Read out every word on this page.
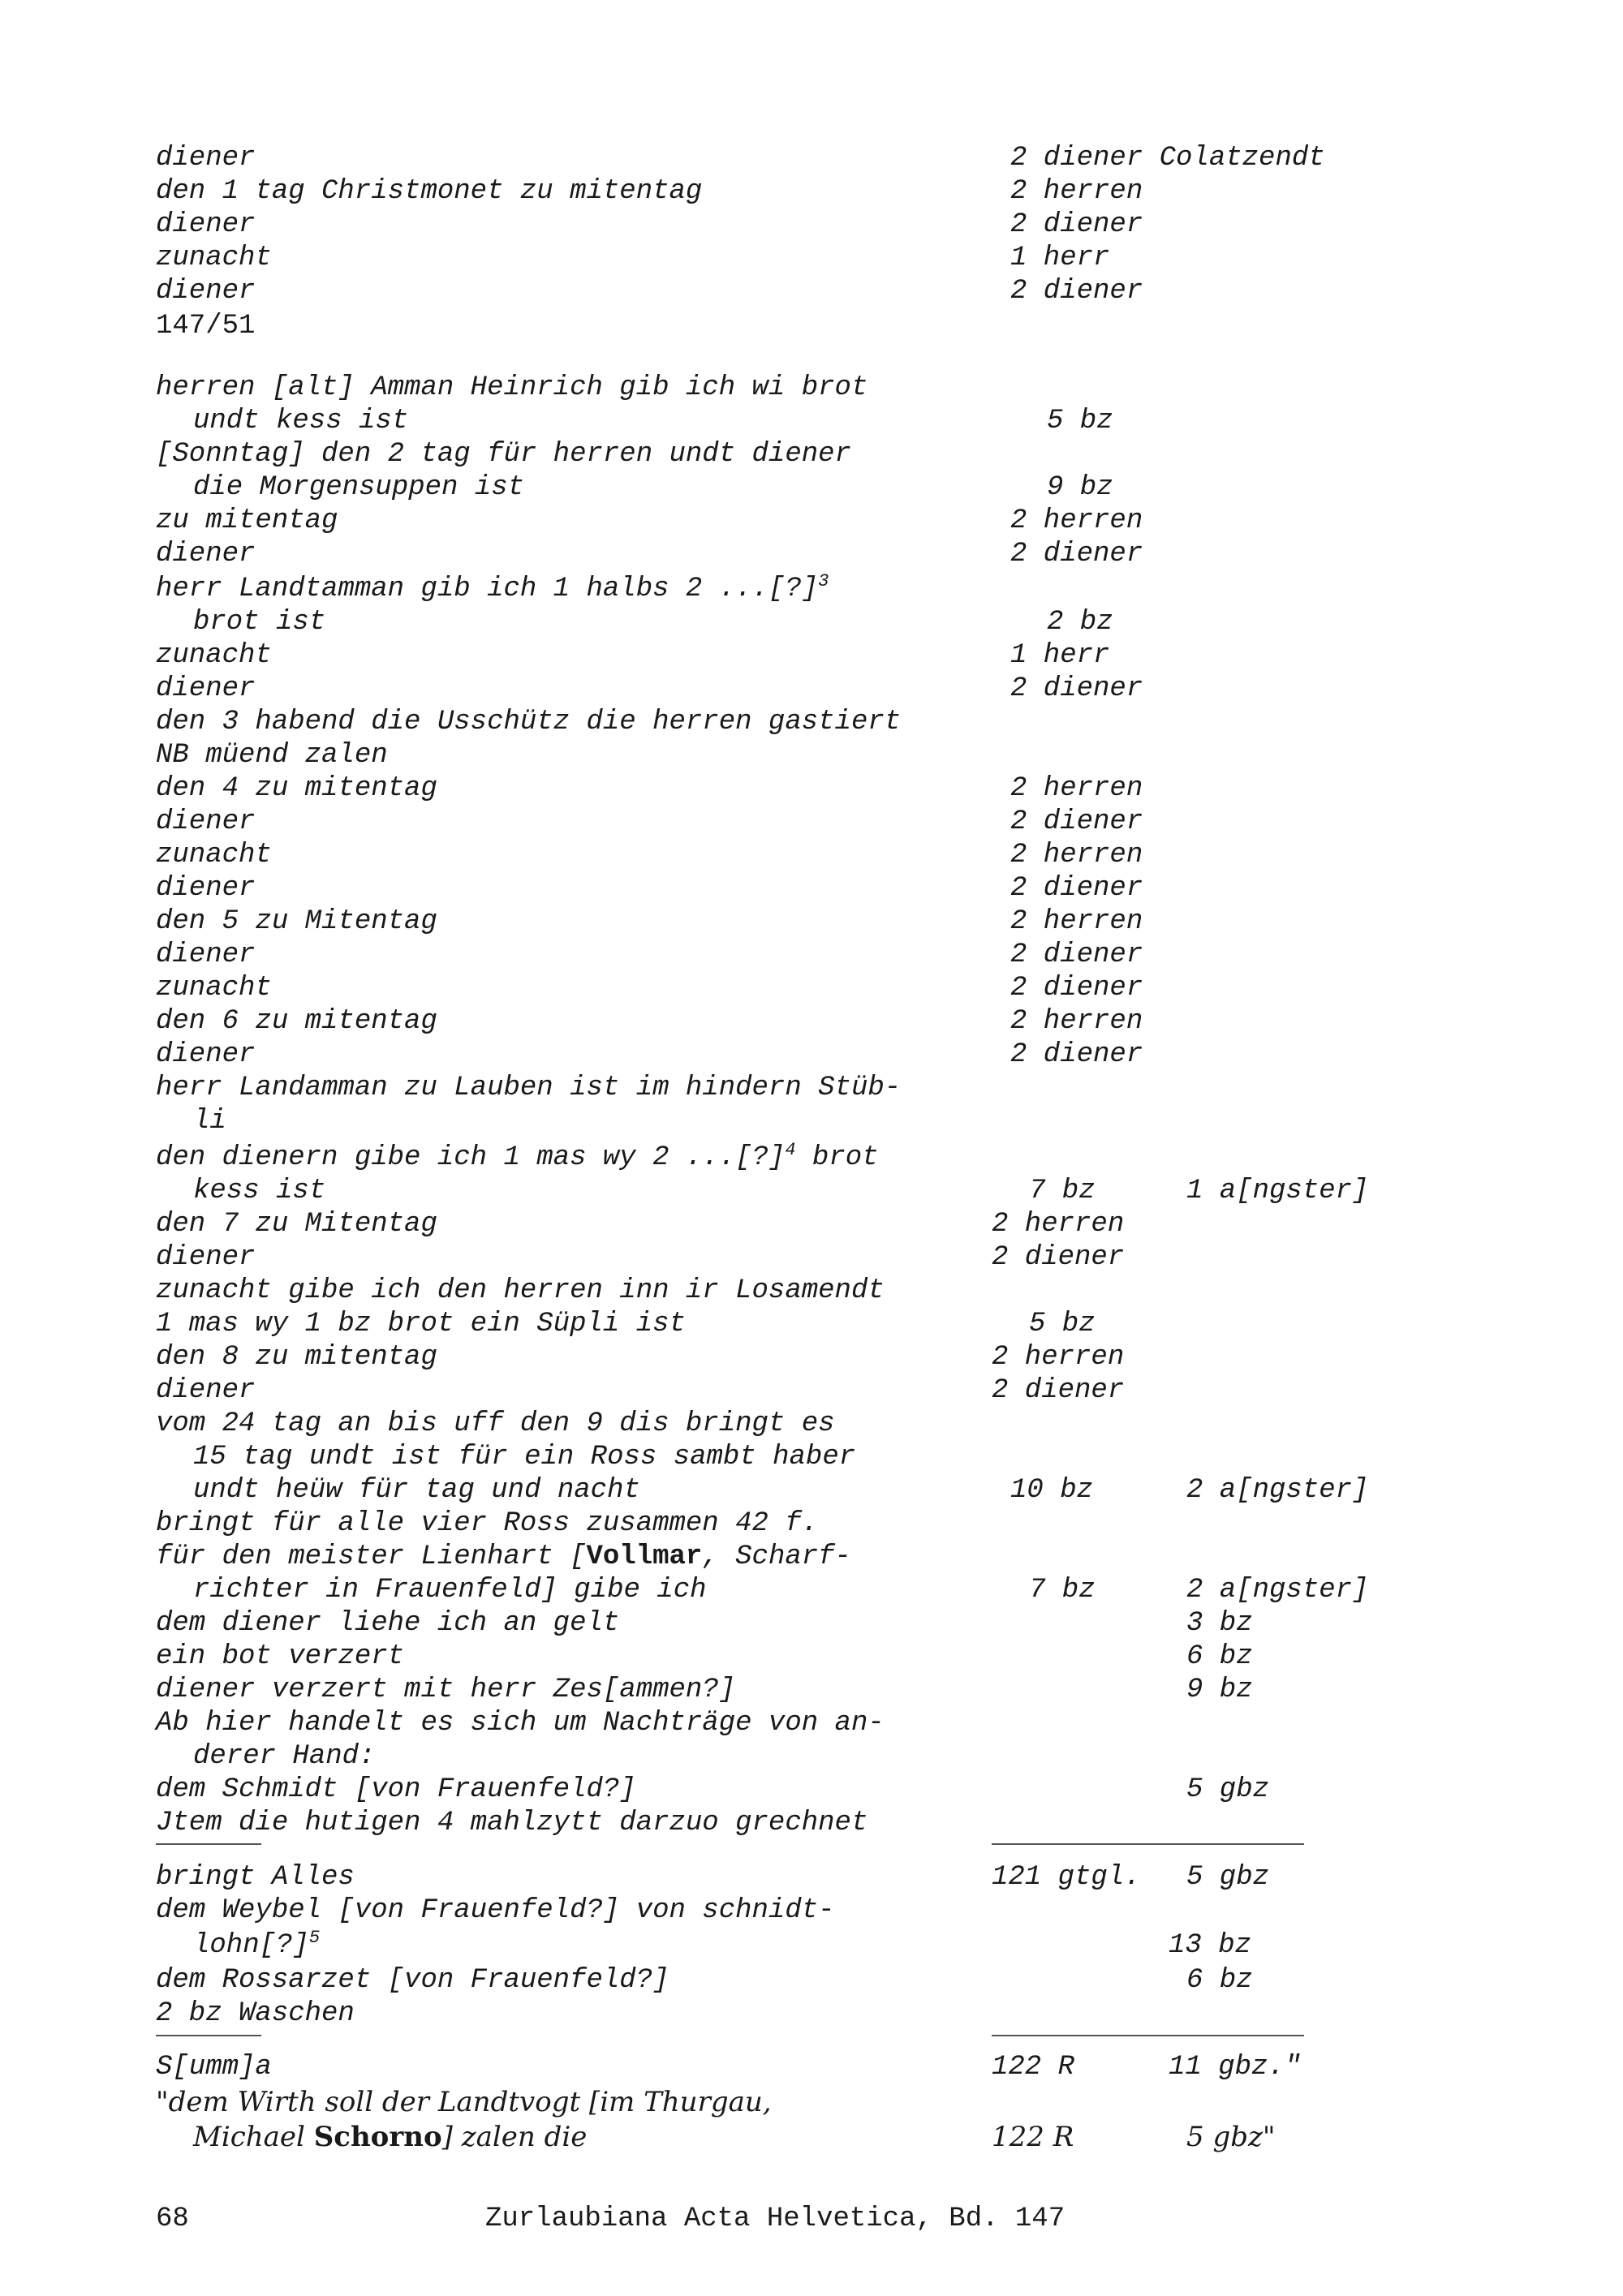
diener	2 diener Colatzendt
den 1 tag Christmonet zu mitentag	2 herren
diener	2 diener
zunacht	1 herr
diener	2 diener
147/51
herren [alt] Amman Heinrich gib ich wi brot
undt kess ist	5 bz
[Sonntag] den 2 tag für herren undt diener
die Morgensuppen ist	9 bz
zu mitentag	2 herren
diener	2 diener
herr Landtamman gib ich 1 halbs 2 ...[?]$^3$
brot ist	2 bz
zunacht	1 herr
diener	2 diener
den 3 habend die Usschütz die herren gastiert
NB müend zalen
den 4 zu mitentag	2 herren
diener	2 diener
zunacht	2 herren
diener	2 diener
den 5 zu Mitentag	2 herren
diener	2 diener
zunacht	2 diener
den 6 zu mitentag	2 herren
diener	2 diener
herr Landamman zu Lauben ist im hindern Stüb-
li
den dienern gibe ich 1 mas wy 2 ...[?]$^4$ brot
kess ist	7 bz	1 a[ngster]
den 7 zu Mitentag	2 herren
diener	2 diener
zunacht gibe ich den herren inn ir Losamendt
1 mas wy 1 bz brot ein Süpli ist	5 bz
den 8 zu mitentag	2 herren
diener	2 diener
vom 24 tag an bis uff den 9 dis bringt es
15 tag undt ist für ein Ross sambt haber
undt heüw für tag und nacht	10 bz	2 a[ngster]
bringt für alle vier Ross zusammen 42 f.
für den meister Lienhart [Vollmar, Scharf-
richter in Frauenfeld] gibe ich	7 bz	2 a[ngster]
dem diener liehe ich an gelt	3 bz
ein bot verzert	6 bz
diener verzert mit herr Zes[ammen?]	9 bz
Ab hier handelt es sich um Nachträge von an-
derer Hand:
dem Schmidt [von Frauenfeld?]	5 gbz
Jtem die hutigen 4 mahlzytt darzuo grechnet
bringt Alles	121 gtgl. 5 gbz
dem Weybel [von Frauenfeld?] von schnidt-
lohn[?]$^5$	13 bz
dem Rossarzet [von Frauenfeld?]	6 bz
2 bz Waschen
S[umm]a	122 R	11 gbz."
"dem Wirth soll der Landtvogt [im Thurgau,
Michael Schorno] zalen die	122 R	5 gbz"
68	Zurlaubiana Acta Helvetica, Bd. 147
